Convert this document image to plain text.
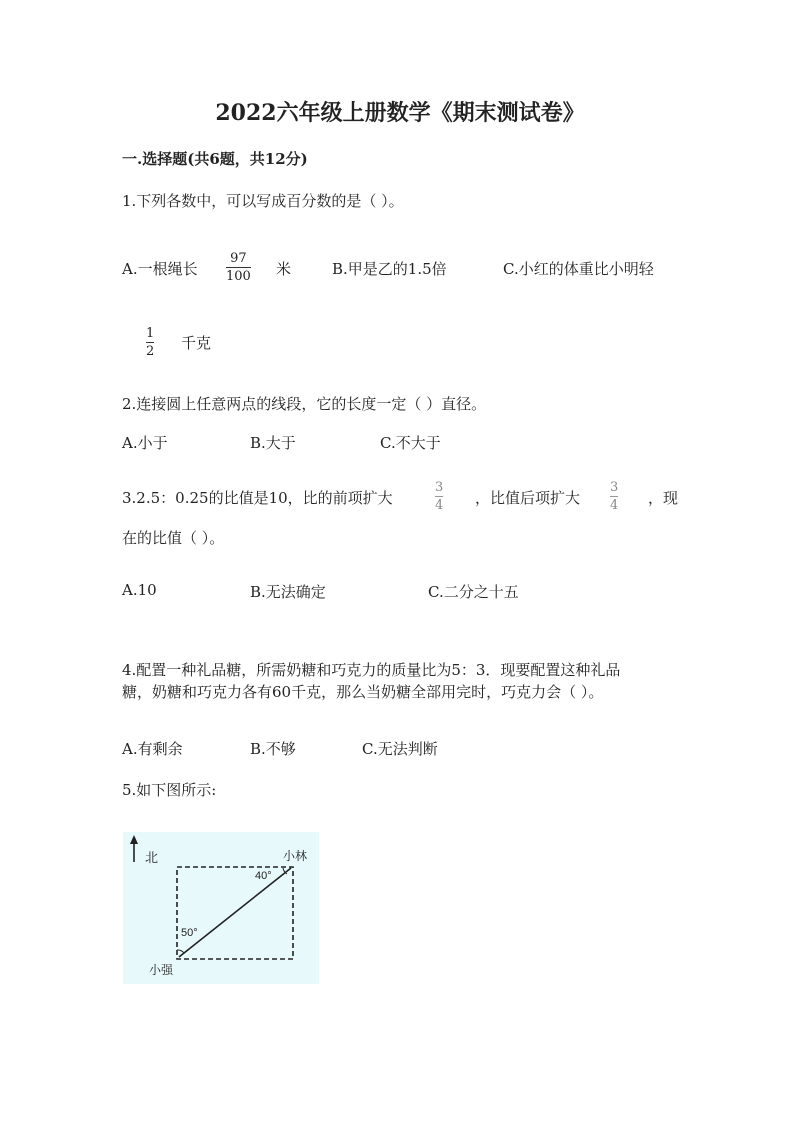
2022六年级上册数学《期末测试卷》
一.选择题(共6题，共12分)
1.下列各数中，可以写成百分数的是（ ）。
A.一根绳长
97
100 米	B.甲是乙的1.5倍	C.小红的体重比小明轻
1
2 千克
2.连接圆上任意两点的线段，它的长度一定（ ）直径。
A.小于	B.大于	C.不大于
3.2.5：0.25的比值是10，比的前项扩大
3
4 ，比值后项扩大
3
4 ，现
在的比值（ ）。
A.10	B.无法确定	C.二分之十五
4.配置一种礼品糖，所需奶糖和巧克力的质量比为5：3．现要配置这种礼品
糖，奶糖和巧克力各有60千克，那么当奶糖全部用完时，巧克力会（ ）。
A.有剩余	B.不够	C.无法判断
5.如下图所示:
北
40°
50°
小林
小强
